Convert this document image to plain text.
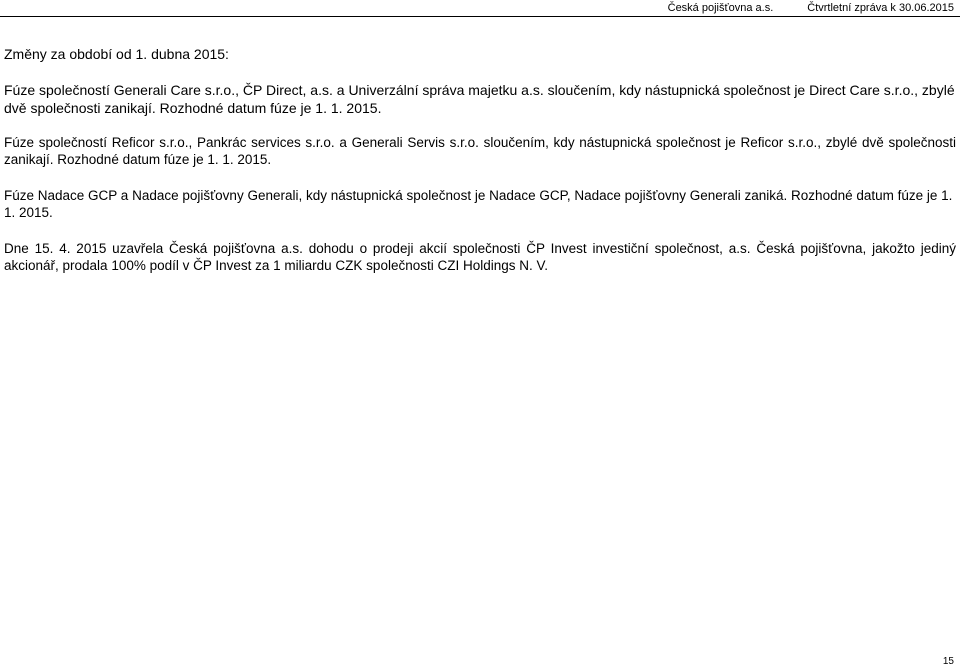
Česká pojišťovna a.s.	Čtvrtletní zpráva k 30.06.2015
Změny za období od 1. dubna 2015:

Fúze společností Generali Care s.r.o., ČP Direct, a.s. a Univerzální správa majetku a.s. sloučením, kdy nástupnická společnost je Direct Care s.r.o., zbylé dvě společnosti zanikají. Rozhodné datum fúze je 1. 1. 2015.

Fúze společností Reficor s.r.o., Pankrác services s.r.o. a Generali Servis s.r.o. sloučením, kdy nástupnická společnost je Reficor s.r.o., zbylé dvě společnosti zanikají. Rozhodné datum fúze je 1. 1. 2015.

Fúze Nadace GCP a Nadace pojišťovny Generali, kdy nástupnická společnost je Nadace GCP, Nadace pojišťovny Generali zaniká. Rozhodné datum fúze je 1. 1. 2015.

Dne 15. 4. 2015 uzavřela Česká pojišťovna a.s. dohodu o prodeji akcií společnosti ČP Invest investiční společnost, a.s. Česká pojišťovna, jakožto jediný akcionář, prodala 100% podíl v ČP Invest za 1 miliardu CZK společnosti CZI Holdings N. V.

15
